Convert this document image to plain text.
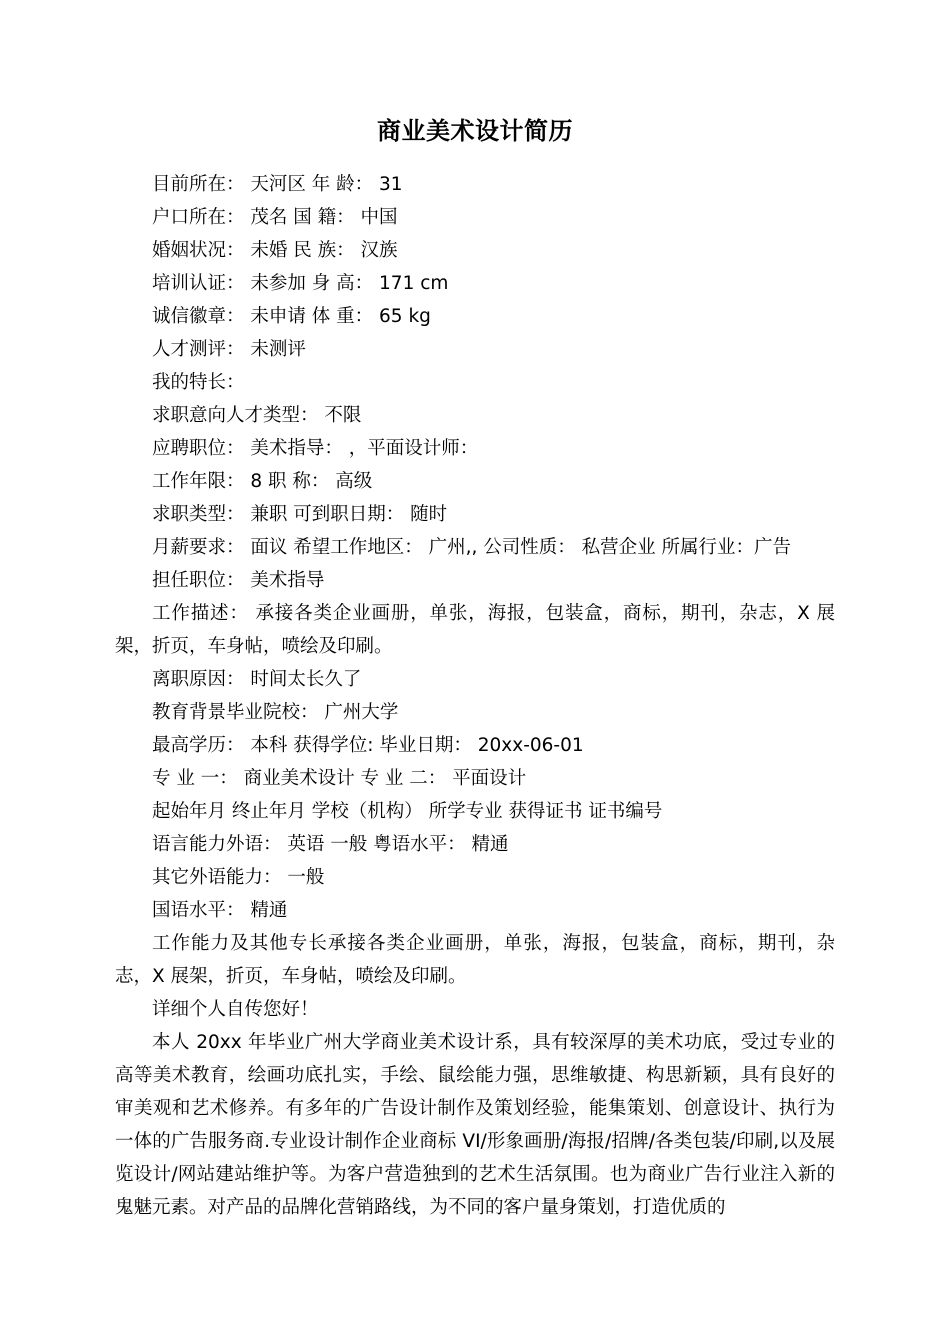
商业美术设计简历

目前所在： 天河区 年 龄： 31

户口所在： 茂名 国 籍： 中国

婚姻状况： 未婚 民 族： 汉族

培训认证： 未参加 身 高： 171 cm

诚信徽章： 未申请 体 重： 65 kg

人才测评： 未测评

我的特长：

求职意向人才类型： 不限

应聘职位： 美术指导： ，平面设计师：

工作年限： 8 职 称： 高级

求职类型： 兼职 可到职日期： 随时

月薪要求： 面议 希望工作地区： 广州,, 公司性质： 私营企业 所属行业：广告

担任职位： 美术指导

工作描述： 承接各类企业画册，单张，海报，包装盒，商标，期刊，杂志，X 展架，折页，车身帖，喷绘及印刷。

离职原因： 时间太长久了

教育背景毕业院校： 广州大学

最高学历： 本科 获得学位: 毕业日期： 20xx-06-01

专 业 一： 商业美术设计 专 业 二： 平面设计

起始年月 终止年月 学校（机构） 所学专业 获得证书 证书编号

语言能力外语： 英语 一般 粤语水平： 精通

其它外语能力： 一般

国语水平： 精通

工作能力及其他专长承接各类企业画册，单张，海报，包装盒，商标，期刊，杂志，X 展架，折页，车身帖，喷绘及印刷。

详细个人自传您好！

本人 20xx 年毕业广州大学商业美术设计系，具有较深厚的美术功底，受过专业的高等美术教育，绘画功底扎实，手绘、鼠绘能力强，思维敏捷、构思新颖，具有良好的审美观和艺术修养。有多年的广告设计制作及策划经验，能集策划、创意设计、执行为一体的广告服务商.专业设计制作企业商标 VI/形象画册/海报/招牌/各类包装/印刷,以及展览设计/网站建站维护等。为客户营造独到的艺术生活氛围。也为商业广告行业注入新的鬼魅元素。对产品的品牌化营销路线，为不同的客户量身策划，打造优质的
